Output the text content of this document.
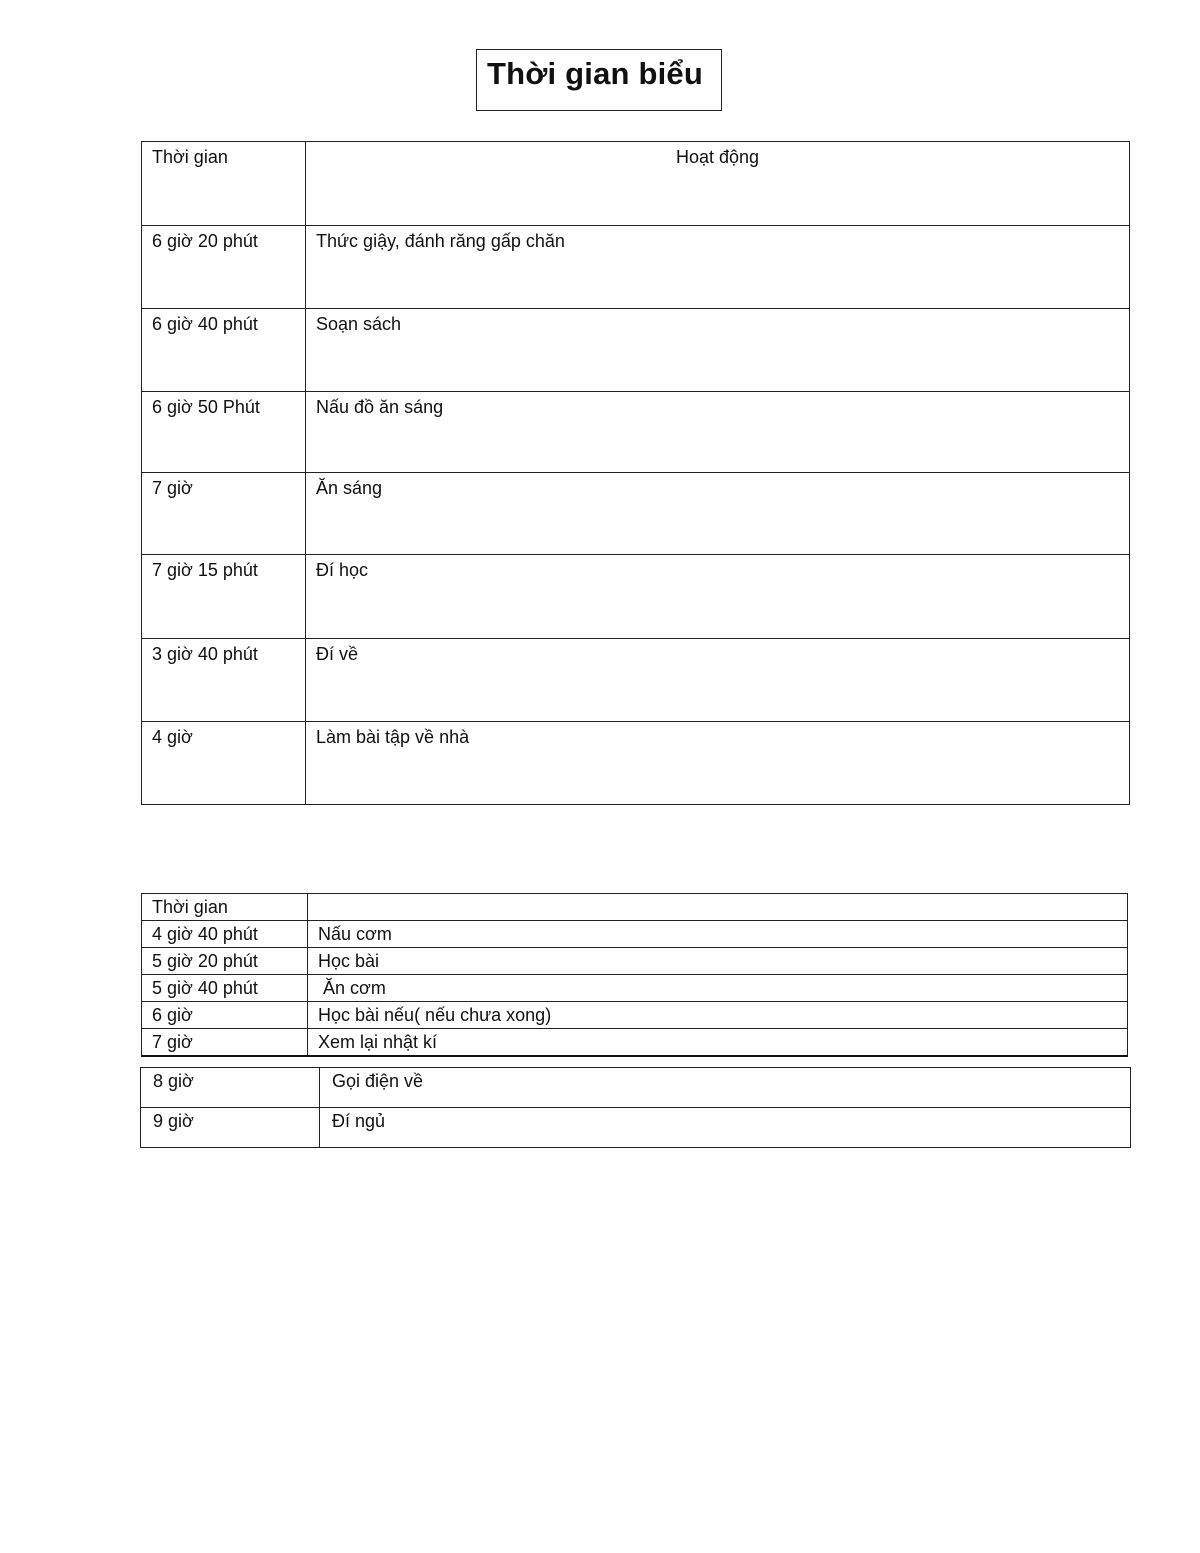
Thời gian biểu
Thời gian	Hoạt động
6 giờ 20 phút	Thức giậy, đánh răng gấp chăn
6 giờ 40 phút	Soạn sách
6 giờ 50 Phút	Nấu đồ ăn sáng
7 giờ	Ăn sáng
7 giờ 15 phút	Đí học
3 giờ 40 phút	Đí về
4 giờ	Làm bài tập về nhà
Thời gian	
4 giờ 40 phút	Nấu cơm
5 giờ 20 phút	Học bài
5 giờ 40 phút	Ăn cơm
6 giờ	Học bài nếu( nếu chưa xong)
7 giờ	Xem lại nhật kí
8 giờ	Gọi điện về
9 giờ	Đí ngủ
